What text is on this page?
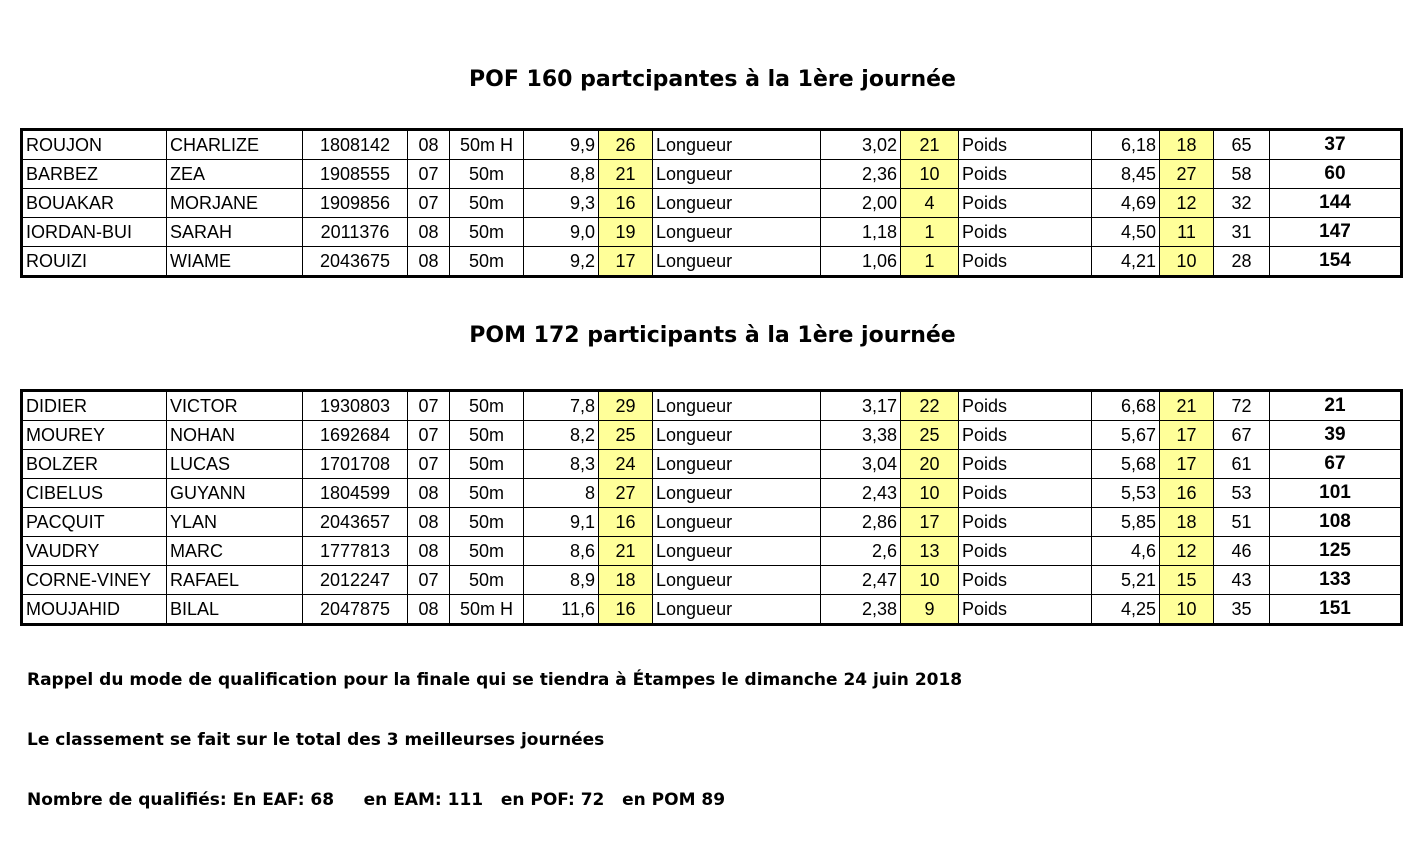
POF 160 partcipantes à la 1ère journée
ROUJON	CHARLIZE	1808142	08	50m H	9,9	26	Longueur	3,02	21	Poids	6,18	18	65	37
BARBEZ	ZEA	1908555	07	50m	8,8	21	Longueur	2,36	10	Poids	8,45	27	58	60
BOUAKAR	MORJANE	1909856	07	50m	9,3	16	Longueur	2,00	4	Poids	4,69	12	32	144
IORDAN-BUI	SARAH	2011376	08	50m	9,0	19	Longueur	1,18	1	Poids	4,50	11	31	147
ROUIZI	WIAME	2043675	08	50m	9,2	17	Longueur	1,06	1	Poids	4,21	10	28	154
POM 172 participants à la 1ère journée
DIDIER	VICTOR	1930803	07	50m	7,8	29	Longueur	3,17	22	Poids	6,68	21	72	21
MOUREY	NOHAN	1692684	07	50m	8,2	25	Longueur	3,38	25	Poids	5,67	17	67	39
BOLZER	LUCAS	1701708	07	50m	8,3	24	Longueur	3,04	20	Poids	5,68	17	61	67
CIBELUS	GUYANN	1804599	08	50m	8	27	Longueur	2,43	10	Poids	5,53	16	53	101
PACQUIT	YLAN	2043657	08	50m	9,1	16	Longueur	2,86	17	Poids	5,85	18	51	108
VAUDRY	MARC	1777813	08	50m	8,6	21	Longueur	2,6	13	Poids	4,6	12	46	125
CORNE-VINEY	RAFAEL	2012247	07	50m	8,9	18	Longueur	2,47	10	Poids	5,21	15	43	133
MOUJAHID	BILAL	2047875	08	50m H	11,6	16	Longueur	2,38	9	Poids	4,25	10	35	151
Rappel du mode de qualification pour la finale qui se tiendra à Étampes le dimanche 24 juin 2018
Le classement se fait sur le total des 3 meilleurses journées
Nombre de qualifiés: En EAF: 68     en EAM: 111   en POF: 72   en POM 89
